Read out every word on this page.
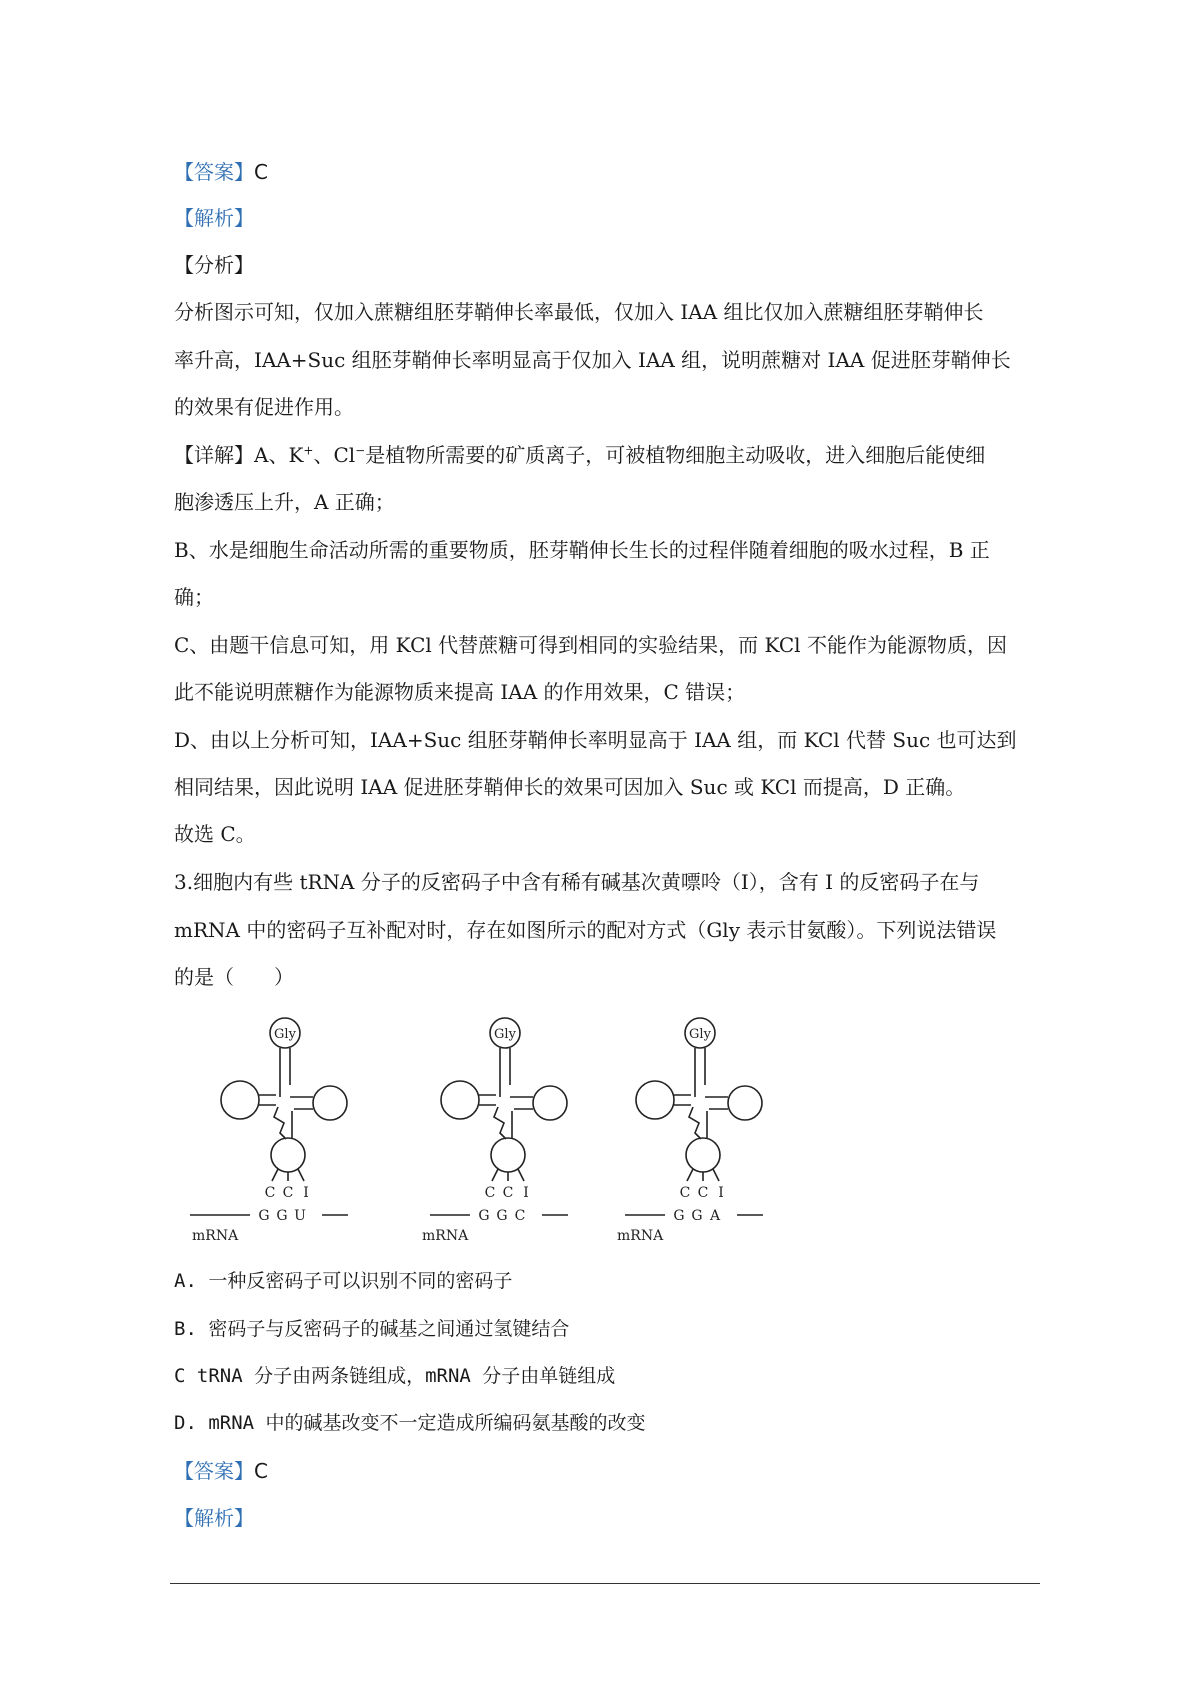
【答案】C
【解析】
【分析】
分析图示可知，仅加入蔗糖组胚芽鞘伸长率最低，仅加入 IAA 组比仅加入蔗糖组胚芽鞘伸长
率升高，IAA+Suc 组胚芽鞘伸长率明显高于仅加入 IAA 组，说明蔗糖对 IAA 促进胚芽鞘伸长
的效果有促进作用。
【详解】A、K+、Cl−是植物所需要的矿质离子，可被植物细胞主动吸收，进入细胞后能使细
胞渗透压上升，A 正确；
B、水是细胞生命活动所需的重要物质，胚芽鞘伸长生长的过程伴随着细胞的吸水过程，B 正
确；
C、由题干信息可知，用 KCl 代替蔗糖可得到相同的实验结果，而 KCl 不能作为能源物质，因
此不能说明蔗糖作为能源物质来提高 IAA 的作用效果，C 错误；
D、由以上分析可知，IAA+Suc 组胚芽鞘伸长率明显高于 IAA 组，而 KCl 代替 Suc 也可达到
相同结果，因此说明 IAA 促进胚芽鞘伸长的效果可因加入 Suc 或 KCl 而提高，D 正确。
故选 C。
3.细胞内有些 tRNA 分子的反密码子中含有稀有碱基次黄嘌呤（I），含有 I 的反密码子在与
mRNA 中的密码子互补配对时，存在如图所示的配对方式（Gly 表示甘氨酸）。下列说法错误
的是（　　）
Gly
C C I
G G U
mRNA
Gly
C C I
G G C
mRNA
Gly
C C I
G G A
mRNA
A. 一种反密码子可以识别不同的密码子
B. 密码子与反密码子的碱基之间通过氢键结合
C tRNA 分子由两条链组成，mRNA 分子由单链组成
D. mRNA 中的碱基改变不一定造成所编码氨基酸的改变
【答案】C
【解析】
